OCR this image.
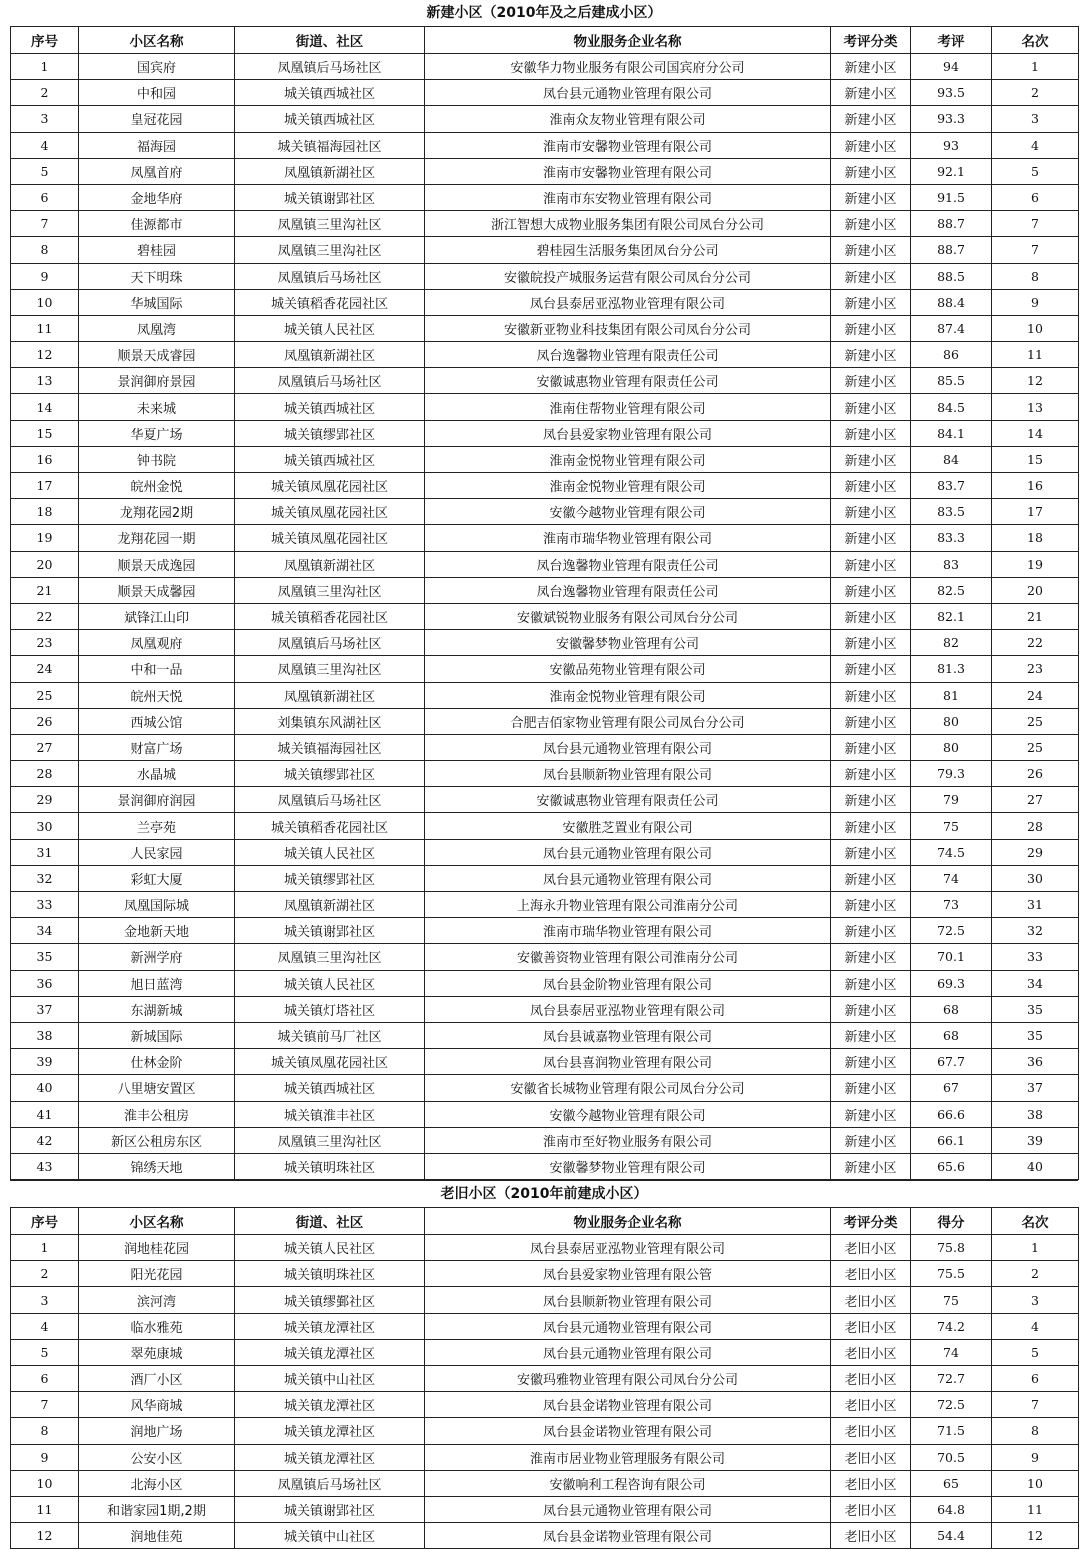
新建小区（2010年及之后建成小区）
序号	小区名称	街道、社区	物业服务企业名称	考评分类	考评	名次
1	国宾府	凤凰镇后马场社区	安徽华力物业服务有限公司国宾府分公司	新建小区	94	1
2	中和园	城关镇西城社区	凤台县元通物业管理有限公司	新建小区	93.5	2
3	皇冠花园	城关镇西城社区	淮南众友物业管理有限公司	新建小区	93.3	3
4	福海园	城关镇福海园社区	淮南市安馨物业管理有限公司	新建小区	93	4
5	凤凰首府	凤凰镇新湖社区	淮南市安馨物业管理有限公司	新建小区	92.1	5
6	金地华府	城关镇谢郢社区	淮南市东安物业管理有限公司	新建小区	91.5	6
7	佳源都市	凤凰镇三里沟社区	浙江智想大成物业服务集团有限公司凤台分公司	新建小区	88.7	7
8	碧桂园	凤凰镇三里沟社区	碧桂园生活服务集团凤台分公司	新建小区	88.7	7
9	天下明珠	凤凰镇后马场社区	安徽皖投产城服务运营有限公司凤台分公司	新建小区	88.5	8
10	华城国际	城关镇稻香花园社区	凤台县泰居亚泓物业管理有限公司	新建小区	88.4	9
11	凤凰湾	城关镇人民社区	安徽新亚物业科技集团有限公司凤台分公司	新建小区	87.4	10
12	顺景天成睿园	凤凰镇新湖社区	凤台逸馨物业管理有限责任公司	新建小区	86	11
13	景润御府景园	凤凰镇后马场社区	安徽诚惠物业管理有限责任公司	新建小区	85.5	12
14	未来城	城关镇西城社区	淮南住帮物业管理有限公司	新建小区	84.5	13
15	华夏广场	城关镇缪郢社区	凤台县爱家物业管理有限公司	新建小区	84.1	14
16	钟书院	城关镇西城社区	淮南金悦物业管理有限公司	新建小区	84	15
17	皖州金悦	城关镇凤凰花园社区	淮南金悦物业管理有限公司	新建小区	83.7	16
18	龙翔花园2期	城关镇凤凰花园社区	安徽今越物业管理有限公司	新建小区	83.5	17
19	龙翔花园一期	城关镇凤凰花园社区	淮南市瑞华物业管理有限公司	新建小区	83.3	18
20	顺景天成逸园	凤凰镇新湖社区	凤台逸馨物业管理有限责任公司	新建小区	83	19
21	顺景天成馨园	凤凰镇三里沟社区	凤台逸馨物业管理有限责任公司	新建小区	82.5	20
22	斌锋江山印	城关镇稻香花园社区	安徽斌锐物业服务有限公司凤台分公司	新建小区	82.1	21
23	凤凰观府	凤凰镇后马场社区	安徽馨梦物业管理有公司	新建小区	82	22
24	中和一品	凤凰镇三里沟社区	安徽品苑物业管理有限公司	新建小区	81.3	23
25	皖州天悦	凤凰镇新湖社区	淮南金悦物业管理有限公司	新建小区	81	24
26	西城公馆	刘集镇东风湖社区	合肥吉佰家物业管理有限公司凤台分公司	新建小区	80	25
27	财富广场	城关镇福海园社区	凤台县元通物业管理有限公司	新建小区	80	25
28	水晶城	城关镇缪郢社区	凤台县顺新物业管理有限公司	新建小区	79.3	26
29	景润御府润园	凤凰镇后马场社区	安徽诚惠物业管理有限责任公司	新建小区	79	27
30	兰亭苑	城关镇稻香花园社区	安徽胜芝置业有限公司	新建小区	75	28
31	人民家园	城关镇人民社区	凤台县元通物业管理有限公司	新建小区	74.5	29
32	彩虹大厦	城关镇缪郢社区	凤台县元通物业管理有限公司	新建小区	74	30
33	凤凰国际城	凤凰镇新湖社区	上海永升物业管理有限公司淮南分公司	新建小区	73	31
34	金地新天地	城关镇谢郢社区	淮南市瑞华物业管理有限公司	新建小区	72.5	32
35	新洲学府	凤凰镇三里沟社区	安徽善资物业管理有限公司淮南分公司	新建小区	70.1	33
36	旭日蓝湾	城关镇人民社区	凤台县金阶物业管理有限公司	新建小区	69.3	34
37	东湖新城	城关镇灯塔社区	凤台县泰居亚泓物业管理有限公司	新建小区	68	35
38	新城国际	城关镇前马厂社区	凤台县诚嘉物业管理有限公司	新建小区	68	35
39	仕林金阶	城关镇凤凰花园社区	凤台县喜润物业管理有限公司	新建小区	67.7	36
40	八里塘安置区	城关镇西城社区	安徽省长城物业管理有限公司凤台分公司	新建小区	67	37
41	淮丰公租房	城关镇淮丰社区	安徽今越物业管理有限公司	新建小区	66.6	38
42	新区公租房东区	凤凰镇三里沟社区	淮南市至好物业服务有限公司	新建小区	66.1	39
43	锦绣天地	城关镇明珠社区	安徽馨梦物业管理有限公司	新建小区	65.6	40
老旧小区（2010年前建成小区）
序号	小区名称	街道、社区	物业服务企业名称	考评分类	得分	名次
1	润地桂花园	城关镇人民社区	凤台县泰居亚泓物业管理有限公司	老旧小区	75.8	1
2	阳光花园	城关镇明珠社区	凤台县爱家物业管理有限公管	老旧小区	75.5	2
3	滨河湾	城关镇缪鄞社区	凤台县顺新物业管理有限公司	老旧小区	75	3
4	临水雅苑	城关镇龙潭社区	凤台县元通物业管理有限公司	老旧小区	74.2	4
5	翠苑康城	城关镇龙潭社区	凤台县元通物业管理有限公司	老旧小区	74	5
6	酒厂小区	城关镇中山社区	安徽玛雅物业管理有限公司凤台分公司	老旧小区	72.7	6
7	风华商城	城关镇龙潭社区	凤台县金诺物业管理有限公司	老旧小区	72.5	7
8	润地广场	城关镇龙潭社区	凤台县金诺物业管理有限公司	老旧小区	71.5	8
9	公安小区	城关镇龙潭社区	淮南市居业物业管理服务有限公司	老旧小区	70.5	9
10	北海小区	凤凰镇后马场社区	安徽响利工程咨询有限公司	老旧小区	65	10
11	和谐家园1期,2期	城关镇谢郢社区	凤台县元通物业管理有限公司	老旧小区	64.8	11
12	润地佳苑	城关镇中山社区	凤台县金诺物业管理有限公司	老旧小区	54.4	12
